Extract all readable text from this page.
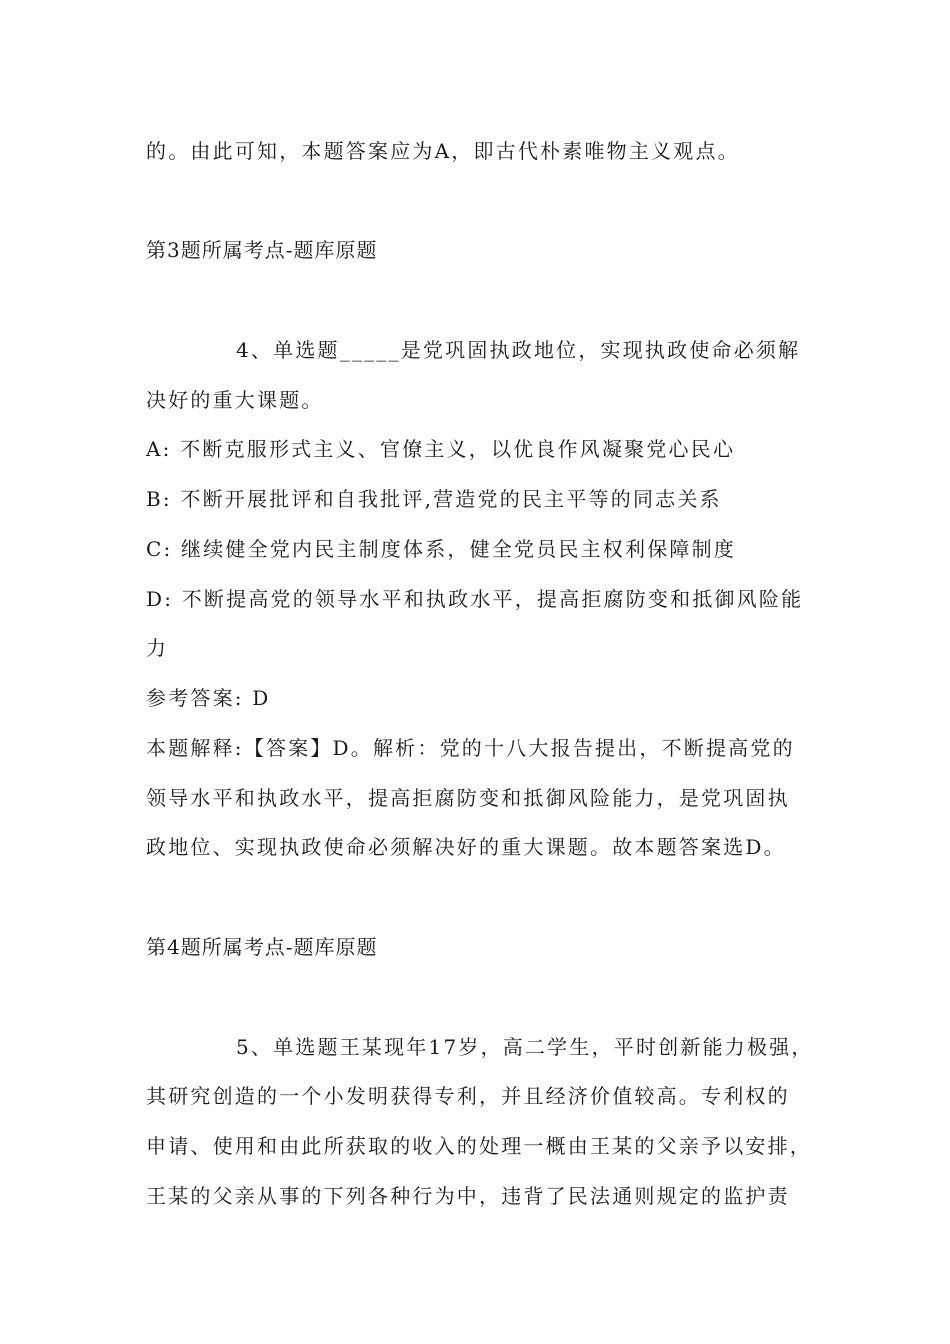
的。由此可知，本题答案应为A，即古代朴素唯物主义观点。
第3题所属考点-题库原题
4、单选题_____是党巩固执政地位，实现执政使命必须解
决好的重大课题。
A: 不断克服形式主义、官僚主义，以优良作风凝聚党心民心
B: 不断开展批评和自我批评,营造党的民主平等的同志关系
C: 继续健全党内民主制度体系，健全党员民主权利保障制度
D: 不断提高党的领导水平和执政水平，提高拒腐防变和抵御风险能
力
参考答案: D
本题解释:【答案】D。解析：党的十八大报告提出，不断提高党的
领导水平和执政水平，提高拒腐防变和抵御风险能力，是党巩固执
政地位、实现执政使命必须解决好的重大课题。故本题答案选D。
第4题所属考点-题库原题
5、单选题王某现年17岁，高二学生，平时创新能力极强，
其研究创造的一个小发明获得专利，并且经济价值较高。专利权的
申请、使用和由此所获取的收入的处理一概由王某的父亲予以安排，
王某的父亲从事的下列各种行为中，违背了民法通则规定的监护责
